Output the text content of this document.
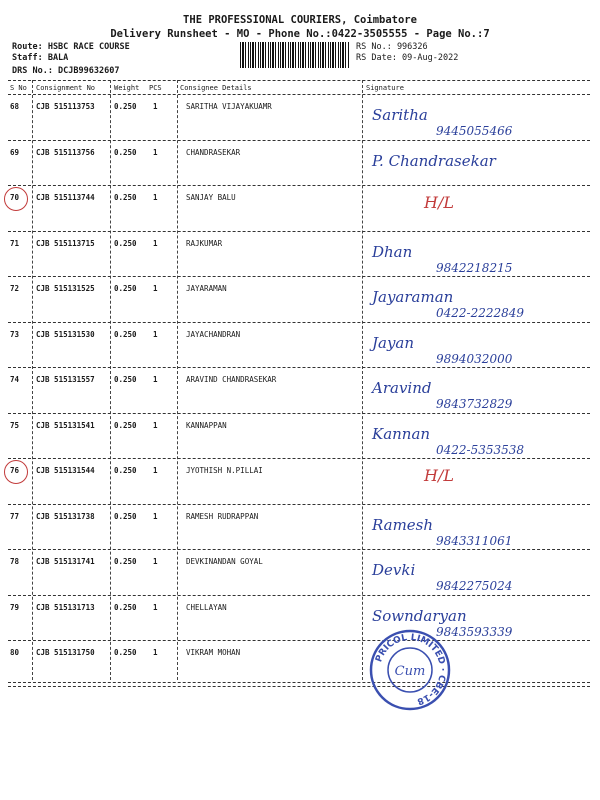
THE PROFESSIONAL COURIERS, Coimbatore
Delivery Runsheet - MO - Phone No.:0422-3505555 - Page No.:7
Route: HSBC RACE COURSE
Staff: BALA
DRS No.: DCJB99632607
RS No.: 996326
RS Date: 09-Aug-2022
S No Consignment No	Weight PCS	Consignee Details	Signature
68 CJB 515113753	0.250 1	SARITHA VIJAYAKUAMR	Saritha
9445055466
69 CJB 515113756	0.250 1	CHANDRASEKAR	P. Chandrasekar
70 CJB 515113744	0.250 1	SANJAY BALU	H/L
71 CJB 515113715	0.250 1	RAJKUMAR	Dhan
9842218215
72 CJB 515131525	0.250 1	JAYARAMAN	Jayaraman
0422-2222849
73 CJB 515131530	0.250 1	JAYACHANDRAN	Jayan
9894032000
74 CJB 515131557	0.250 1	ARAVIND CHANDRASEKAR	Aravind
9843732829
75 CJB 515131541	0.250 1	KANNAPPAN	Kannan
0422-5353538
76 CJB 515131544	0.250 1	JYOTHISH N.PILLAI	H/L
77 CJB 515131738	0.250 1	RAMESH RUDRAPPAN	Ramesh
9843311061
78 CJB 515131741	0.250 1	DEVKINANDAN GOYAL	Devki
9842275024
79 CJB 515131713	0.250 1	CHELLAYAN	Sowndaryan
9843593339
80 CJB 515131750	0.250 1	VIKRAM MOHAN
PRICOL LIMITED · CBE-18
Cum
